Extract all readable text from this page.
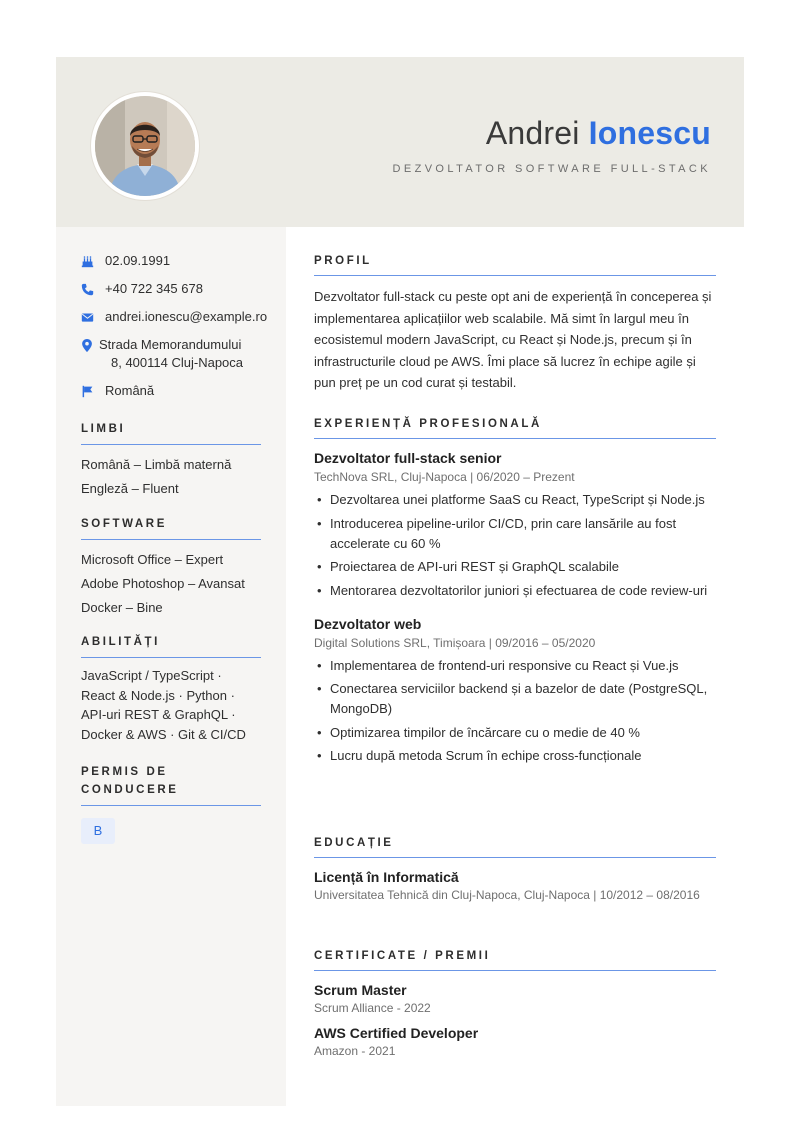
Andrei Ionescu
DEZVOLTATOR SOFTWARE FULL-STACK
02.09.1991
+40 722 345 678
andrei.ionescu@example.ro
Strada Memorandumului
8, 400114 Cluj-Napoca
Română
LIMBI
Română – Limbă maternă
Engleză – Fluent
SOFTWARE
Microsoft Office – Expert
Adobe Photoshop – Avansat
Docker – Bine
ABILITĂȚI
JavaScript / TypeScript ·
React & Node.js · Python ·
API-uri REST & GraphQL ·
Docker & AWS · Git & CI/CD
PERMIS DE
CONDUCERE
B
PROFIL
Dezvoltator full-stack cu peste opt ani de experiență în conceperea și implementarea aplicațiilor web scalabile. Mă simt în largul meu în ecosistemul modern JavaScript, cu React și Node.js, precum și în infrastructurile cloud pe AWS. Îmi place să lucrez în echipe agile și pun preț pe un cod curat și testabil.
EXPERIENȚĂ PROFESIONALĂ
Dezvoltator full-stack senior
TechNova SRL, Cluj-Napoca | 06/2020 – Prezent
• Dezvoltarea unei platforme SaaS cu React, TypeScript și Node.js
• Introducerea pipeline-urilor CI/CD, prin care lansările au fost accelerate cu 60 %
• Proiectarea de API-uri REST și GraphQL scalabile
• Mentorarea dezvoltatorilor juniori și efectuarea de code review-uri
Dezvoltator web
Digital Solutions SRL, Timișoara | 09/2016 – 05/2020
• Implementarea de frontend-uri responsive cu React și Vue.js
• Conectarea serviciilor backend și a bazelor de date (PostgreSQL, MongoDB)
• Optimizarea timpilor de încărcare cu o medie de 40 %
• Lucru după metoda Scrum în echipe cross-funcționale
EDUCAȚIE
Licență în Informatică
Universitatea Tehnică din Cluj-Napoca, Cluj-Napoca | 10/2012 – 08/2016
CERTIFICATE / PREMII
Scrum Master
Scrum Alliance - 2022
AWS Certified Developer
Amazon - 2021
